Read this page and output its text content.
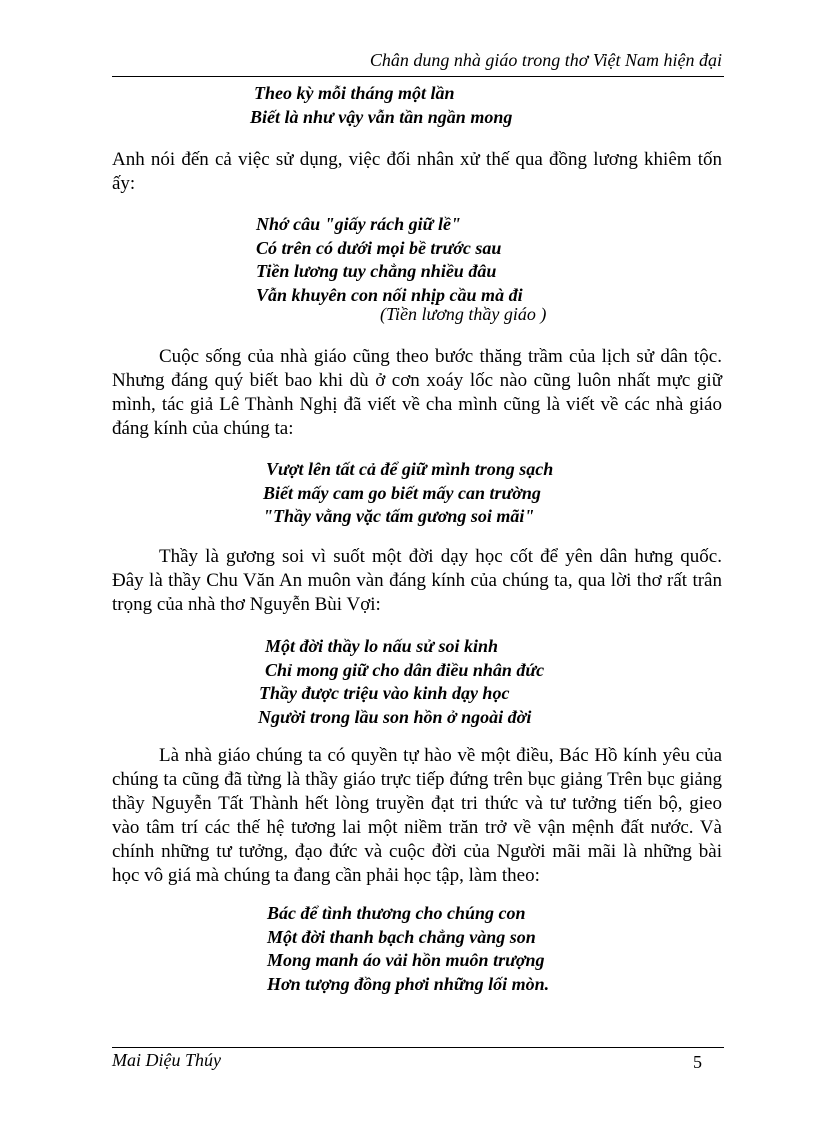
Chân dung nhà giáo trong thơ Việt Nam hiện đại
Theo kỳ mỗi tháng một lần
Biết là như vậy vẫn tần ngần mong
Anh nói đến cả việc sử dụng, việc đối nhân xử thế qua đồng lương khiêm tốn ấy:
Nhớ câu "giấy rách giữ lề"
Có trên có dưới mọi bề trước sau
Tiền lương tuy chẳng nhiều đâu
Vẫn khuyên con nối nhịp cầu mà đi
(Tiền lương thầy giáo )
Cuộc sống của nhà giáo cũng theo bước thăng trầm của lịch sử dân tộc. Nhưng đáng quý biết bao khi dù ở cơn xoáy lốc nào cũng luôn nhất mực giữ mình, tác giả Lê Thành Nghị đã viết về cha mình cũng là viết về các nhà giáo đáng kính của chúng ta:
Vượt lên tất cả để giữ mình trong sạch
Biết mấy cam go biết mấy can trường
"Thầy vằng vặc tấm gương soi mãi"
Thầy là gương soi vì suốt một đời dạy học cốt để yên dân hưng quốc. Đây là thầy Chu Văn An muôn vàn đáng kính của chúng ta, qua lời thơ rất trân trọng của nhà thơ Nguyễn Bùi Vợi:
Một đời thầy lo nấu sử soi kinh
Chỉ mong giữ cho dân điều nhân đức
Thầy được triệu vào kinh dạy học
Người trong lầu son hồn ở ngoài đời
Là nhà giáo chúng ta có quyền tự hào về một điều, Bác Hồ kính yêu của chúng ta cũng đã từng là thầy giáo trực tiếp đứng trên bục giảng Trên bục giảng thầy Nguyễn Tất Thành hết lòng truyền đạt tri thức và tư tưởng tiến bộ, gieo vào tâm trí các thế hệ tương lai một niềm trăn trở về vận mệnh đất nước. Và chính những tư tưởng, đạo đức và cuộc đời của Người mãi mãi là những bài học vô giá mà chúng ta đang cần phải học tập, làm theo:
Bác để tình thương cho chúng con
Một đời thanh bạch chẳng vàng son
Mong manh áo vải hồn muôn trượng
Hơn tượng đồng phơi những lối mòn.
Mai Diệu Thúy	5
